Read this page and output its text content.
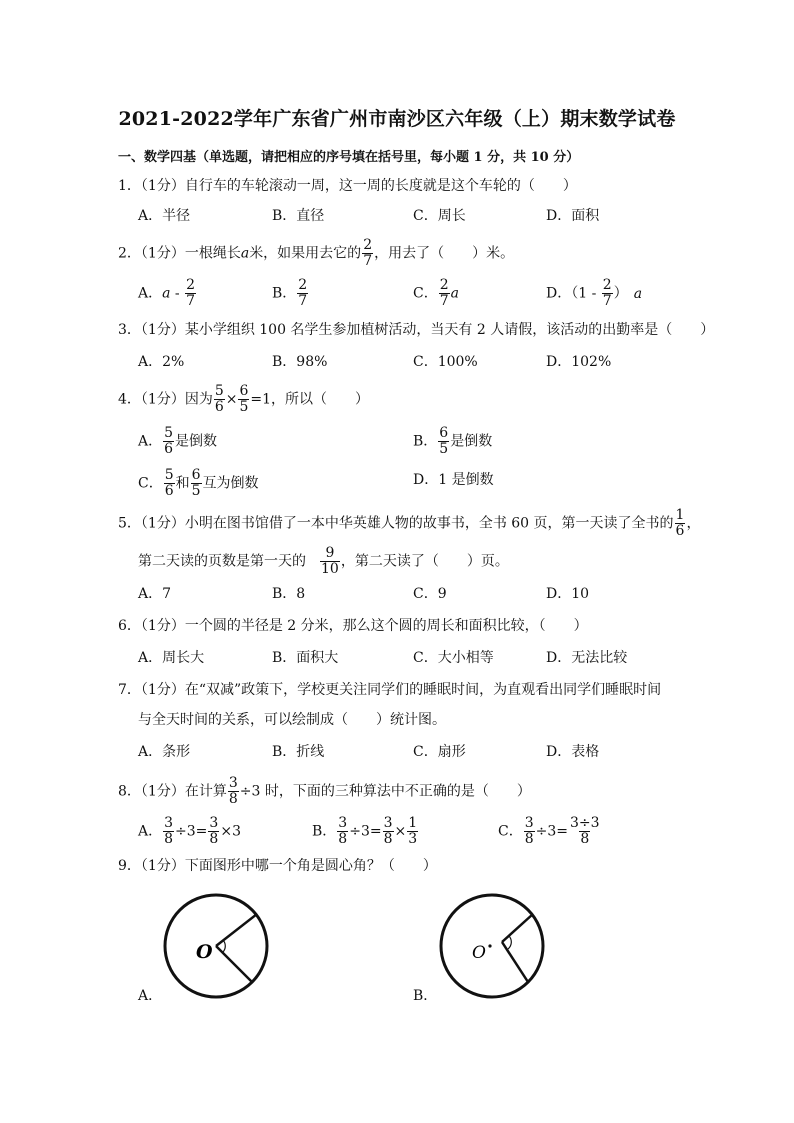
2021-2022学年广东省广州市南沙区六年级（上）期末数学试卷
一、数学四基（单选题，请把相应的序号填在括号里，每小题 1 分，共 10 分）
1．（1分）自行车的车轮滚动一周，这一周的长度就是这个车轮的（　　）
A．半径	B．直径	C．周长	D．面积
2．（1分）一根绳长a米，如果用去它的 $\frac{2}{7}$ ，用去了（　　）米。
A．a - $\frac{2}{7}$	B． $\frac{2}{7}$	C． $\frac{2}{7}$ a	D．（$1 - \frac{2}{7}$ ） a
3．（1分）某小学组织 100 名学生参加植树活动，当天有 2 人请假，该活动的出勤率是（　　）
A．2%	B．98%	C．100%	D．102%
4．（1分）因为 $\frac{5}{6} \times \frac{6}{5} =1$，所以（　　）
A． $\frac{5}{6}$ 是倒数	B． $\frac{6}{5}$ 是倒数
C． $\frac{5}{6}$ 和 $\frac{6}{5}$ 互为倒数	D．1 是倒数
5．（1分）小明在图书馆借了一本中华英雄人物的故事书，全书 60 页，第一天读了全书的 $\frac{1}{6}$ ，
第二天读的页数是第一天的 $\frac{9}{10}$ ，第二天读了（　　）页。
A．7	B．8	C．9	D．10
6．（1分）一个圆的半径是 2 分米，那么这个圆的周长和面积比较，（　　）
A．周长大	B．面积大	C．大小相等	D．无法比较
7．（1分）在“双减”政策下，学校更关注同学们的睡眠时间，为直观看出同学们睡眠时间
与全天时间的关系，可以绘制成（　　）统计图。
A．条形	B．折线	C．扇形	D．表格
8．（1分）在计算 $\frac{3}{8} \div 3$ 时，下面的三种算法中不正确的是（　　）
A． $\frac{3}{8} \div 3= \frac{3}{8} \times 3$	B． $\frac{3}{8} \div 3= \frac{3}{8} \times \frac{1}{3}$	C． $\frac{3}{8} \div 3= \frac{3\div 3}{8}$
9．（1分）下面图形中哪一个角是圆心角？（　　）
O
A．
O
B．
